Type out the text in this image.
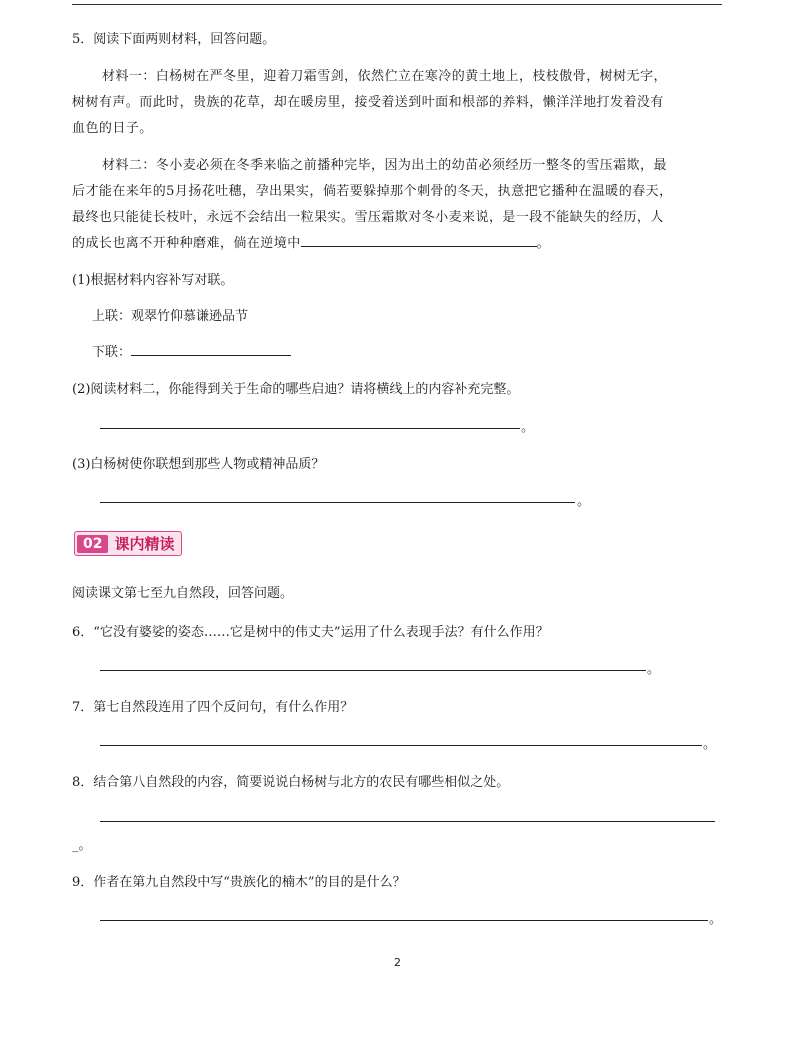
5．阅读下面两则材料，回答问题。
材料一：白杨树在严冬里，迎着刀霜雪剑，依然伫立在寒冷的黄土地上，枝枝傲骨，树树无字，
树树有声。而此时，贵族的花草，却在暖房里，接受着送到叶面和根部的养料，懒洋洋地打发着没有
血色的日子。
材料二：冬小麦必须在冬季来临之前播种完毕，因为出土的幼苗必须经历一整冬的雪压霜欺，最
后才能在来年的5月扬花吐穗，孕出果实，倘若要躲掉那个刺骨的冬天，执意把它播种在温暖的春天，
最终也只能徒长枝叶，永远不会结出一粒果实。雪压霜欺对冬小麦来说，是一段不能缺失的经历，人
的成长也离不开种种磨难，倘在逆境中	。
(1)根据材料内容补写对联。
上联：观翠竹仰慕谦逊品节
下联：
(2)阅读材料二，你能得到关于生命的哪些启迪？请将横线上的内容补充完整。
。
(3)白杨树使你联想到那些人物或精神品质？
。
02 课内精读
阅读课文第七至九自然段，回答问题。
6．“它没有婆娑的姿态……它是树中的伟丈夫”运用了什么表现手法？有什么作用？
。
7．第七自然段连用了四个反问句，有什么作用？
。
8．结合第八自然段的内容，简要说说白杨树与北方的农民有哪些相似之处。
_。
9．作者在第九自然段中写“贵族化的楠木”的目的是什么？
。
2
